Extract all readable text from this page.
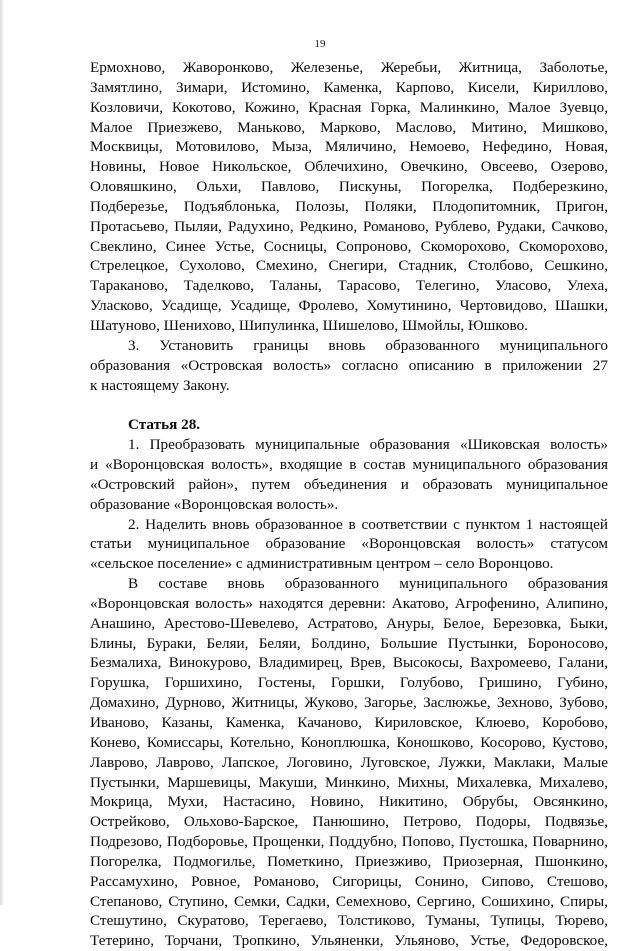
19
Ермохново, Жаворонково, Железенье, Жеребьи, Житница, Заболотье,
Замятлино, Зимари, Истомино, Каменка, Карпово, Кисели, Кириллово,
Козловичи, Кокотово, Кожино, Красная Горка, Малинкино, Малое Зуевцо,
Малое Приезжево, Маньково, Марково, Маслово, Митино, Мишково,
Москвицы, Мотовилово, Мыза, Мяличино, Немоево, Нефедино, Новая,
Новины, Новое Никольское, Облечихино, Овечкино, Овсеево, Озерово,
Оловяшкино, Ольхи, Павлово, Пискуны, Погорелка, Подберезкино,
Подберезье, Подъяблонька, Полозы, Поляки, Плодопитомник, Пригон,
Протасьево, Пыляи, Радухино, Редкино, Романово, Рублево, Рудаки, Сачково,
Свеклино, Синее Устье, Сосницы, Сопроново, Скоморохово, Скоморохово,
Стрелецкое, Сухолово, Смехино, Снегири, Стадник, Столбово, Сешкино,
Тараканово, Таделково, Таланы, Тарасово, Телегино, Уласово, Улеха,
Уласково, Усадище, Усадище, Фролево, Хомутинино, Чертовидово, Шашки,
Шатуново, Шенихово, Шипулинка, Шишелово, Шмойлы, Юшково.
3. Установить границы вновь образованного муниципального
образования «Островская волость» согласно описанию в приложении 27
к настоящему Закону.
Статья 28.
1. Преобразовать муниципальные образования «Шиковская волость»
и «Воронцовская волость», входящие в состав муниципального образования
«Островский район», путем объединения и образовать муниципальное
образование «Воронцовская волость».
2. Наделить вновь образованное в соответствии с пунктом 1 настоящей
статьи муниципальное образование «Воронцовская волость» статусом
«сельское поселение» с административным центром – село Воронцово.
В составе вновь образованного муниципального образования
«Воронцовская волость» находятся деревни: Акатово, Агрофенино, Алипино,
Анашино, Арестово-Шевелево, Астратово, Ануры, Белое, Березовка, Быки,
Блины, Бураки, Беляи, Беляи, Болдино, Большие Пустынки, Бороносово,
Безмалиха, Винокурово, Владимирец, Врев, Высокосы, Вахромеево, Галани,
Горушка, Горшихино, Гостены, Горшки, Голубово, Гришино, Губино,
Домахино, Дурново, Житницы, Жуково, Загорье, Заслюжье, Зехново, Зубово,
Иваново, Казаны, Каменка, Качаново, Кириловское, Клюево, Коробово,
Конево, Комиссары, Котельно, Коноплюшка, Коношково, Косорово, Кустово,
Лаврово, Лаврово, Лапское, Логовино, Луговское, Лужки, Маклаки, Малые
Пустынки, Маршевицы, Макуши, Минкино, Михны, Михалевка, Михалево,
Мокрица, Мухи, Настасино, Новино, Никитино, Обрубы, Овсянкино,
Острейково, Ольхово-Барское, Панюшино, Петрово, Подоры, Подвязье,
Подрезово, Подборовье, Прощенки, Поддубно, Попово, Пустошка, Поварнино,
Погорелка, Подмогилье, Пометкино, Приезживо, Приозерная, Пшонкино,
Рассамухино, Ровное, Романово, Сигорицы, Сонино, Сипово, Стешово,
Степаново, Ступино, Семки, Садки, Семехново, Сергино, Сошихино, Спиры,
Стешутино, Скуратово, Терегаево, Толстиково, Туманы, Тупицы, Тюрево,
Тетерино, Торчани, Тропкино, Ульяненки, Ульяново, Устье, Федоровское,
